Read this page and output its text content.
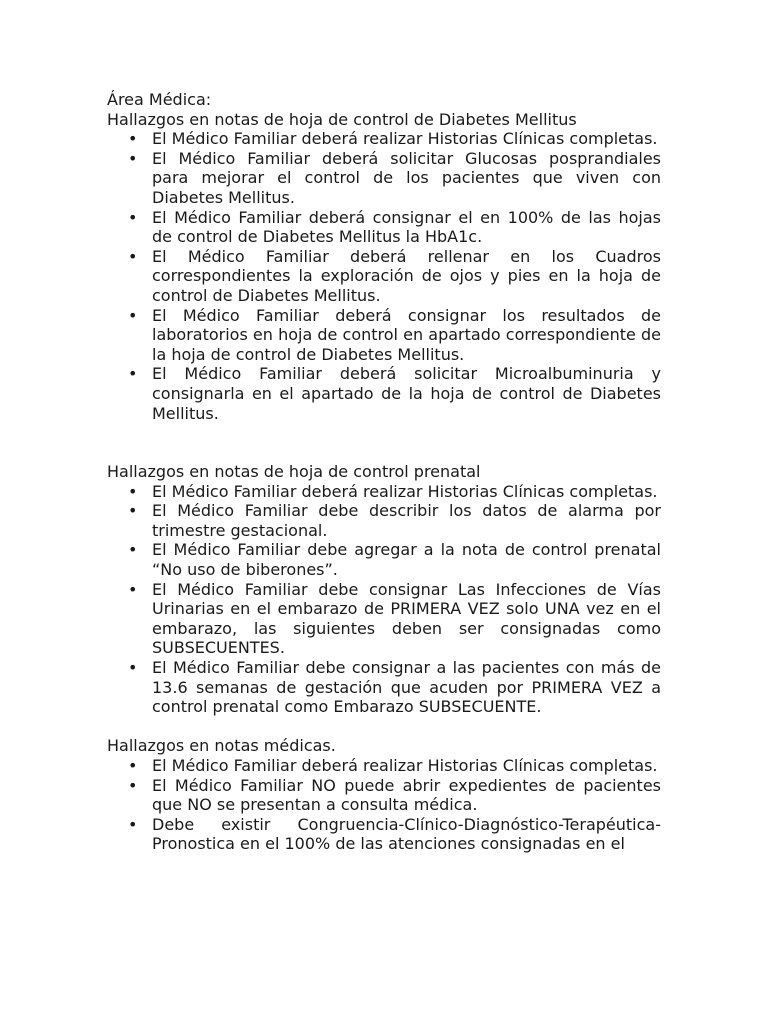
Área Médica:

Hallazgos en notas de hoja de control de Diabetes Mellitus

• El Médico Familiar deberá realizar Historias Clínicas completas.
• El Médico Familiar deberá solicitar Glucosas posprandiales para mejorar el control de los pacientes que viven con Diabetes Mellitus.
• El Médico Familiar deberá consignar el en 100% de las hojas de control de Diabetes Mellitus la HbA1c.
• El Médico Familiar deberá rellenar en los Cuadros correspondientes la exploración de ojos y pies en la hoja de control de Diabetes Mellitus.
• El Médico Familiar deberá consignar los resultados de laboratorios en hoja de control en apartado correspondiente de la hoja de control de Diabetes Mellitus.
• El Médico Familiar deberá solicitar Microalbuminuria y consignarla en el apartado de la hoja de control de Diabetes Mellitus.

Hallazgos en notas de hoja de control prenatal

• El Médico Familiar deberá realizar Historias Clínicas completas.
• El Médico Familiar debe describir los datos de alarma por trimestre gestacional.
• El Médico Familiar debe agregar a la nota de control prenatal “No uso de biberones”.
• El Médico Familiar debe consignar Las Infecciones de Vías Urinarias en el embarazo de PRIMERA VEZ solo UNA vez en el embarazo, las siguientes deben ser consignadas como SUBSECUENTES.
• El Médico Familiar debe consignar a las pacientes con más de 13.6 semanas de gestación que acuden por PRIMERA VEZ a control prenatal como Embarazo SUBSECUENTE.

Hallazgos en notas médicas.

• El Médico Familiar deberá realizar Historias Clínicas completas.
• El Médico Familiar NO puede abrir expedientes de pacientes que NO se presentan a consulta médica.
• Debe existir Congruencia-Clínico-Diagnóstico-Terapéutica-Pronostica en el 100% de las atenciones consignadas en el
